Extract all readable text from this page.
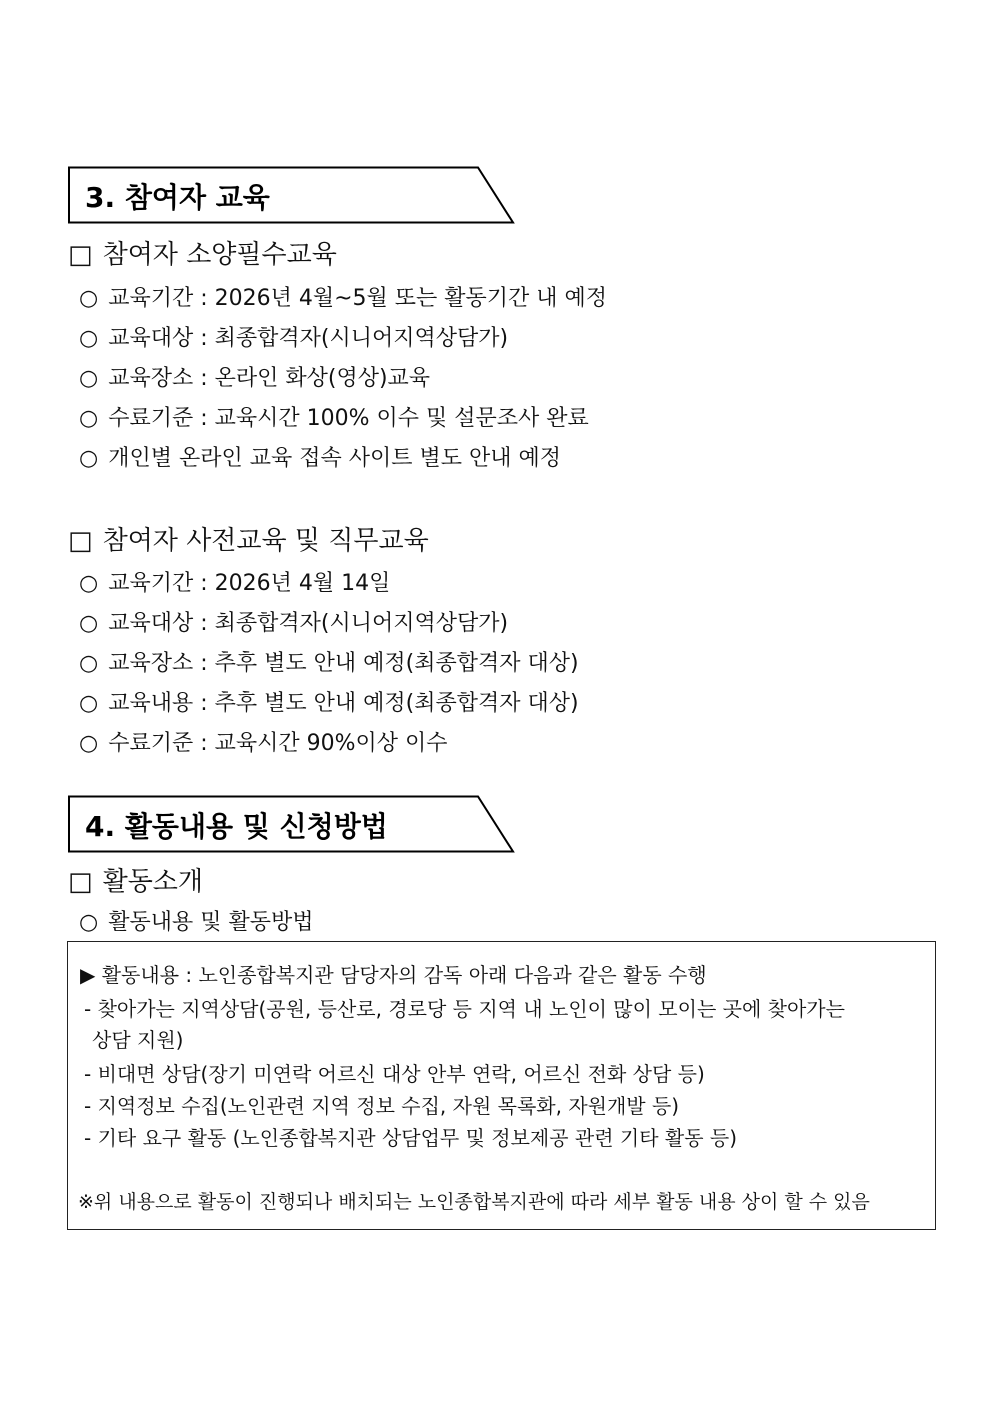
3. 참여자 교육
□ 참여자 소양필수교육
○ 교육기간 : 2026년 4월~5월 또는 활동기간 내 예정
○ 교육대상 : 최종합격자(시니어지역상담가)
○ 교육장소 : 온라인 화상(영상)교육
○ 수료기준 : 교육시간 100% 이수 및 설문조사 완료
○ 개인별 온라인 교육 접속 사이트 별도 안내 예정
□ 참여자 사전교육 및 직무교육
○ 교육기간 : 2026년 4월 14일
○ 교육대상 : 최종합격자(시니어지역상담가)
○ 교육장소 : 추후 별도 안내 예정(최종합격자 대상)
○ 교육내용 : 추후 별도 안내 예정(최종합격자 대상)
○ 수료기준 : 교육시간 90%이상 이수
4. 활동내용 및 신청방법
□ 활동소개
○ 활동내용 및 활동방법
▶ 활동내용 : 노인종합복지관 담당자의 감독 아래 다음과 같은 활동 수행
- 찾아가는 지역상담(공원, 등산로, 경로당 등 지역 내 노인이 많이 모이는 곳에 찾아가는
상담 지원)
- 비대면 상담(장기 미연락 어르신 대상 안부 연락, 어르신 전화 상담 등)
- 지역정보 수집(노인관련 지역 정보 수집, 자원 목록화, 자원개발 등)
- 기타 요구 활동 (노인종합복지관 상담업무 및 정보제공 관련 기타 활동 등)
※위 내용으로 활동이 진행되나 배치되는 노인종합복지관에 따라 세부 활동 내용 상이 할 수 있음
